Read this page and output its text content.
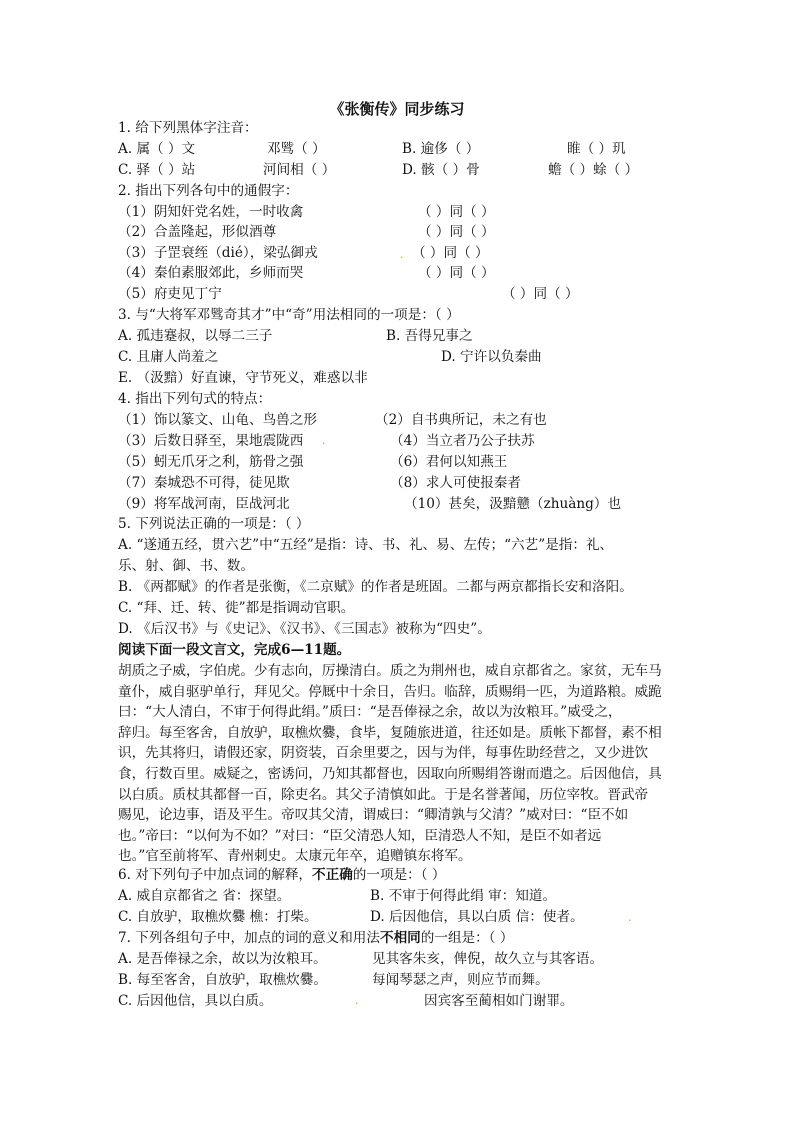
《张衡传》同步练习
1. 给下列黑体字注音：
A. 属（ ）文	邓骘（ ）	B. 逾侈（ ）	睢（ ）玑
C. 驿（ ）站	河间相（ ）	D. 骸（ ）骨	蟾（ ）蜍（ ）
2. 指出下列各句中的通假字：
（1）阴知奸党名姓，一时收禽	（ ）同（ ）
（2）合盖隆起，形似酒尊	（ ）同（ ）
（3）子罡衰绖（dié），梁弘御戎	（ ）同（ ）
（4）秦伯素服郊此，乡师而哭	（ ）同（ ）
（5）府吏见丁宁	（ ）同（ ）
3. 与“大将军邓骘奇其才”中“奇”用法相同的一项是：（ ）
A. 孤违蹇叔，以辱二三子	B. 吾得兄事之
C. 且庸人尚羞之	D. 宁许以负秦曲
E. （汲黯）好直谏，守节死义，难惑以非
4. 指出下列句式的特点：
（1）饰以篆文、山龟、鸟兽之形	（2）自书典所记，未之有也
（3）后数日驿至，果地震陇西	（4）当立者乃公子扶苏
（5）蚓无爪牙之利，筋骨之强	（6）君何以知燕王
（7）秦城恐不可得，徒见欺	（8）求人可使报秦者
（9）将军战河南，臣战河北	（10）甚矣，汲黯戆（zhuàng）也
5. 下列说法正确的一项是：（ ）
A. “遂通五经，贯六艺”中“五经”是指：诗、书、礼、易、左传；“六艺”是指：礼、
乐、射、御、书、数。
B. 《两都赋》的作者是张衡，《二京赋》的作者是班固。二都与两京都指长安和洛阳。
C. “拜、迁、转、徙”都是指调动官职。
D. 《后汉书》与《史记》、《汉书》、《三国志》被称为“四史”。
阅读下面一段文言文，完成6—11题。

胡质之子威，字伯虎。少有志向，厉操清白。质之为荆州也，威自京都省之。家贫，无车马

童仆，威自驱驴单行，拜见父。停厩中十余日，告归。临辞，质赐绢一匹，为道路粮。威跪

曰：“大人清白，不审于何得此绢。”质曰：“是吾俸禄之余，故以为汝粮耳。”威受之，

辞归。每至客舍，自放驴，取樵炊爨，食毕，复随旅进道，往还如是。质帐下都督，素不相

识，先其将归，请假还家，阴资装，百余里要之，因与为伴，每事佐助经营之，又少进饮

食，行数百里。威疑之，密诱问，乃知其都督也，因取向所赐绢答谢而遣之。后因他信，具

以白质。质杖其都督一百，除吏名。其父子清慎如此。于是名誉著闻，历位宰牧。晋武帝

赐见，论边事，语及平生。帝叹其父清，谓威曰：“卿清孰与父清？”威对曰：“臣不如

也。”帝曰：“以何为不如？”对曰：“臣父清恐人知，臣清恐人不知，是臣不如者远

也。”官至前将军、青州刺史。太康元年卒，追赠镇东将军。

6. 对下列句子中加点词的解释，不正确的一项是：（ ）
A. 威自京都省之 省：探望。	B. 不审于何得此绢 审：知道。
C. 自放驴，取樵炊爨 樵：打柴。	D. 后因他信，具以白质 信：使者。
7. 下列各组句子中，加点的词的意义和用法不相同的一组是：（ ）
A. 是吾俸禄之余，故以为汝粮耳。	见其客朱亥，俾倪，故久立与其客语。
B. 每至客舍，自放驴，取樵炊爨。	每闻琴瑟之声，则应节而舞。
C. 后因他信，具以白质。	因宾客至蔺相如门谢罪。
.
.
.
.
